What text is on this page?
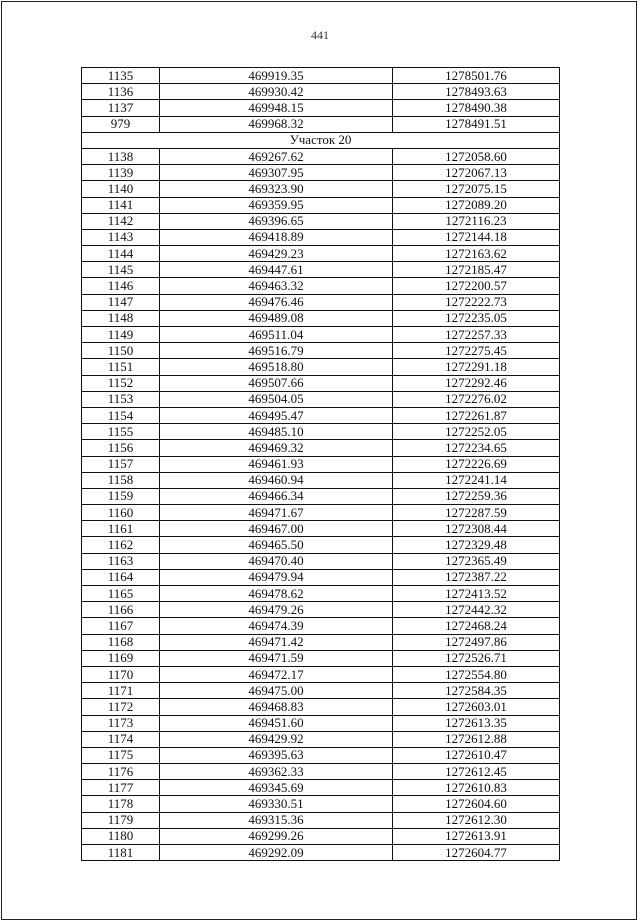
441
1135	469919.35	1278501.76
1136	469930.42	1278493.63
1137	469948.15	1278490.38
979	469968.32	1278491.51
Участок 20		
1138	469267.62	1272058.60
1139	469307.95	1272067.13
1140	469323.90	1272075.15
1141	469359.95	1272089.20
1142	469396.65	1272116.23
1143	469418.89	1272144.18
1144	469429.23	1272163.62
1145	469447.61	1272185.47
1146	469463.32	1272200.57
1147	469476.46	1272222.73
1148	469489.08	1272235.05
1149	469511.04	1272257.33
1150	469516.79	1272275.45
1151	469518.80	1272291.18
1152	469507.66	1272292.46
1153	469504.05	1272276.02
1154	469495.47	1272261.87
1155	469485.10	1272252.05
1156	469469.32	1272234.65
1157	469461.93	1272226.69
1158	469460.94	1272241.14
1159	469466.34	1272259.36
1160	469471.67	1272287.59
1161	469467.00	1272308.44
1162	469465.50	1272329.48
1163	469470.40	1272365.49
1164	469479.94	1272387.22
1165	469478.62	1272413.52
1166	469479.26	1272442.32
1167	469474.39	1272468.24
1168	469471.42	1272497.86
1169	469471.59	1272526.71
1170	469472.17	1272554.80
1171	469475.00	1272584.35
1172	469468.83	1272603.01
1173	469451.60	1272613.35
1174	469429.92	1272612.88
1175	469395.63	1272610.47
1176	469362.33	1272612.45
1177	469345.69	1272610.83
1178	469330.51	1272604.60
1179	469315.36	1272612.30
1180	469299.26	1272613.91
1181	469292.09	1272604.77
